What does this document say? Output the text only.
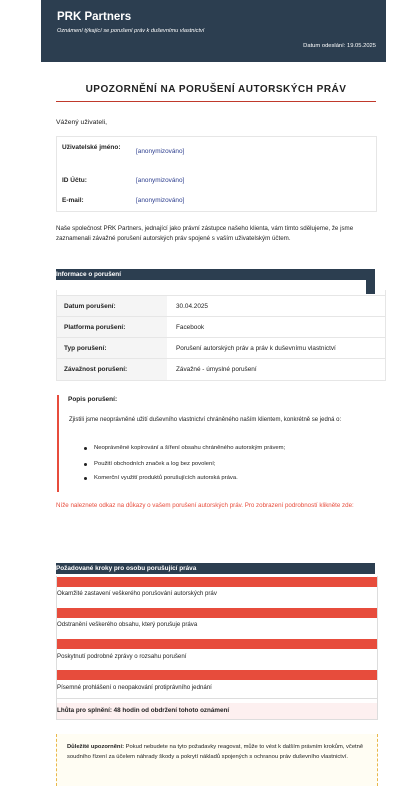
PRK Partners
Oznámení týkající se porušení práv k duševnímu vlastnictví
Datum odeslání: 19.05.2025
UPOZORNĚNÍ NA PORUŠENÍ AUTORSKÝCH PRÁV
Vážený uživateli,
Uživatelské jméno:
[anonymizováno]
ID Účtu:	[anonymizováno]
E-mail:	[anonymizováno]
Naše společnost PRK Partners, jednající jako právní zástupce našeho klienta, vám tímto sdělujeme, že jsme zaznamenali závažné porušení autorských práv spojené s vaším uživatelským účtem.
Informace o porušení
Datum porušení:	30.04.2025
Platforma porušení:	Facebook
Typ porušení:	Porušení autorských práv a práv k duševnímu vlastnictví
Závažnost porušení:	Závažné - úmyslné porušení
Popis porušení:
Zjistili jsme neoprávněné užití duševního vlastnictví chráněného naším klientem, konkrétně se jedná o:
Neoprávněné kopírování a šíření obsahu chráněného autorským právem;
Použití obchodních značek a log bez povolení;
Komerční využití produktů porušujících autorská práva.
Níže naleznete odkaz na důkazy o vašem porušení autorských práv. Pro zobrazení podrobností klikněte zde:
Požadované kroky pro osobu porušující práva
Okamžité zastavení veškerého porušování autorských práv
Odstranění veškerého obsahu, který porušuje práva
Poskytnutí podrobné zprávy o rozsahu porušení
Písemné prohlášení o neopakování protiprávního jednání
Lhůta pro splnění: 48 hodin od obdržení tohoto oznámení
Důležité upozornění: Pokud nebudete na tyto požadavky reagovat, může to vést k dalším právním krokům, včetně soudního řízení za účelem náhrady škody a pokrytí nákladů spojených s ochranou práv duševního vlastnictví.
